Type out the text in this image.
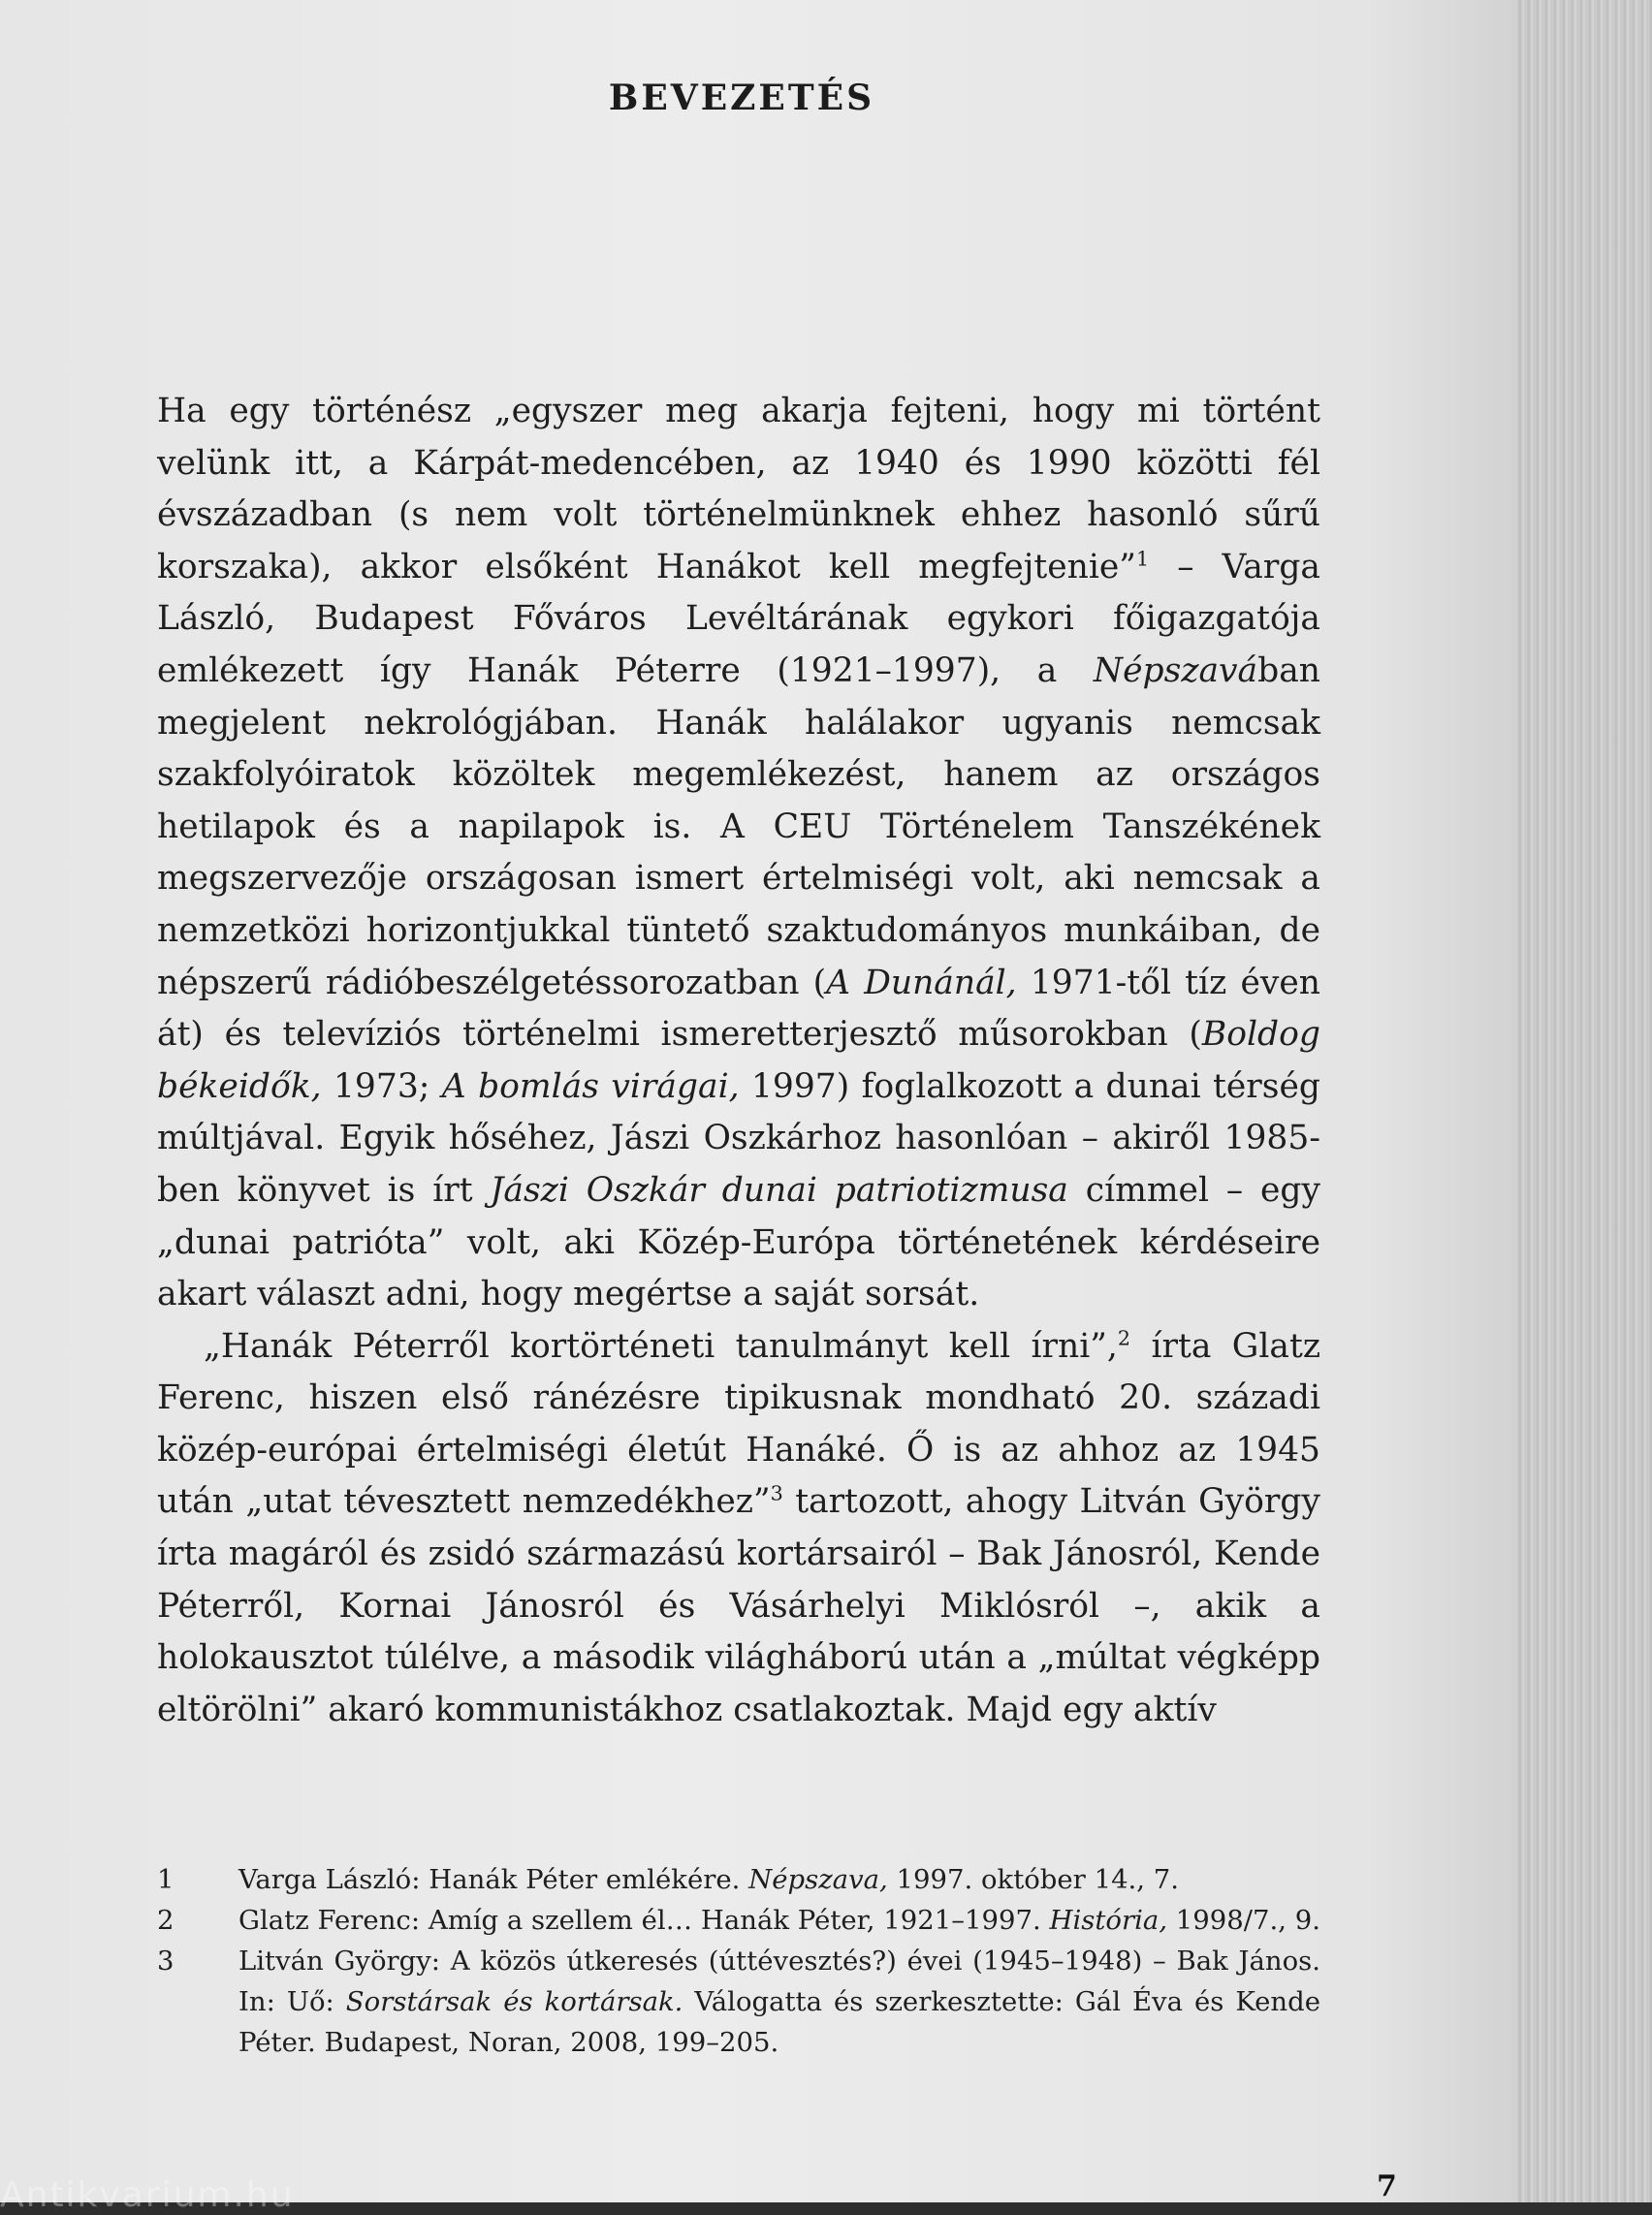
BEVEZETÉS

Ha egy történész „egyszer meg akarja fejteni, hogy mi történt velünk itt, a Kárpát-medencében, az 1940 és 1990 közötti fél évszázadban (s nem volt történelmünknek ehhez hasonló sűrű korszaka), akkor elsőként Hanákot kell megfejtenie”$^1$ – Varga László, Budapest Főváros Levéltárának egykori főigazgatója emlékezett így Hanák Péterre (1921–1997), a Népszavában megjelent nekrológjában. Hanák halálakor ugyanis nemcsak szakfolyóiratok közöltek megemlékezést, hanem az országos hetilapok és a napilapok is. A CEU Történelem Tanszékének megszervezője országosan ismert értelmiségi volt, aki nemcsak a nemzetközi horizontjukkal tüntető szaktudományos munkáiban, de népszerű rádióbeszélgetéssorozatban (A Dunánál, 1971-től tíz éven át) és televíziós történelmi ismeretterjesztő műsorokban (Boldog békeidők, 1973; A bomlás virágai, 1997) foglalkozott a dunai térség múltjával. Egyik hőséhez, Jászi Oszkárhoz hasonlóan – akiről 1985-ben könyvet is írt Jászi Oszkár dunai patriotizmusa címmel – egy „dunai patrióta” volt, aki Közép-Európa történetének kérdéseire akart választ adni, hogy megértse a saját sorsát.

„Hanák Péterről kortörténeti tanulmányt kell írni”,$^2$ írta Glatz Ferenc, hiszen első ránézésre tipikusnak mondható 20. századi közép-európai értelmiségi életút Hanáké. Ő is az ahhoz az 1945 után „utat tévesztett nemzedékhez”$^3$ tartozott, ahogy Litván György írta magáról és zsidó származású kortársairól – Bak Jánosról, Kende Péterről, Kornai Jánosról és Vásárhelyi Miklósról –, akik a holokausztot túlélve, a második világháború után a „múltat végképp eltörölni” akaró kommunistákhoz csatlakoztak. Majd egy aktív

1	Varga László: Hanák Péter emlékére. Népszava, 1997. október 14., 7.
2	Glatz Ferenc: Amíg a szellem él… Hanák Péter, 1921–1997. História, 1998/7., 9.
3	Litván György: A közös útkeresés (úttévesztés?) évei (1945–1948) – Bak János. In: Uő: Sorstársak és kortársak. Válogatta és szerkesztette: Gál Éva és Kende Péter. Budapest, Noran, 2008, 199–205.
7
Antikvarium.hu
